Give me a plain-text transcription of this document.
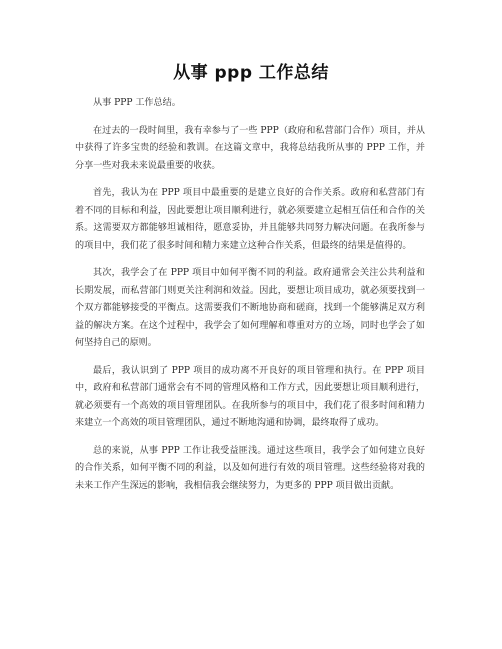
从事 ppp 工作总结

从事 PPP 工作总结。

在过去的一段时间里，我有幸参与了一些 PPP（政府和私营部门合作）项目，并从中获得了许多宝贵的经验和教训。在这篇文章中，我将总结我所从事的 PPP 工作，并分享一些对我未来说最重要的收获。

首先，我认为在 PPP 项目中最重要的是建立良好的合作关系。政府和私营部门有着不同的目标和利益，因此要想让项目顺利进行，就必须要建立起相互信任和合作的关系。这需要双方都能够坦诚相待，愿意妥协，并且能够共同努力解决问题。在我所参与的项目中，我们花了很多时间和精力来建立这种合作关系，但最终的结果是值得的。

其次，我学会了在 PPP 项目中如何平衡不同的利益。政府通常会关注公共利益和长期发展，而私营部门则更关注利润和效益。因此，要想让项目成功，就必须要找到一个双方都能够接受的平衡点。这需要我们不断地协商和磋商，找到一个能够满足双方利益的解决方案。在这个过程中，我学会了如何理解和尊重对方的立场，同时也学会了如何坚持自己的原则。

最后，我认识到了 PPP 项目的成功离不开良好的项目管理和执行。在 PPP 项目中，政府和私营部门通常会有不同的管理风格和工作方式，因此要想让项目顺利进行，就必须要有一个高效的项目管理团队。在我所参与的项目中，我们花了很多时间和精力来建立一个高效的项目管理团队，通过不断地沟通和协调，最终取得了成功。

总的来说，从事 PPP 工作让我受益匪浅。通过这些项目，我学会了如何建立良好的合作关系，如何平衡不同的利益，以及如何进行有效的项目管理。这些经验将对我的未来工作产生深远的影响，我相信我会继续努力，为更多的 PPP 项目做出贡献。
